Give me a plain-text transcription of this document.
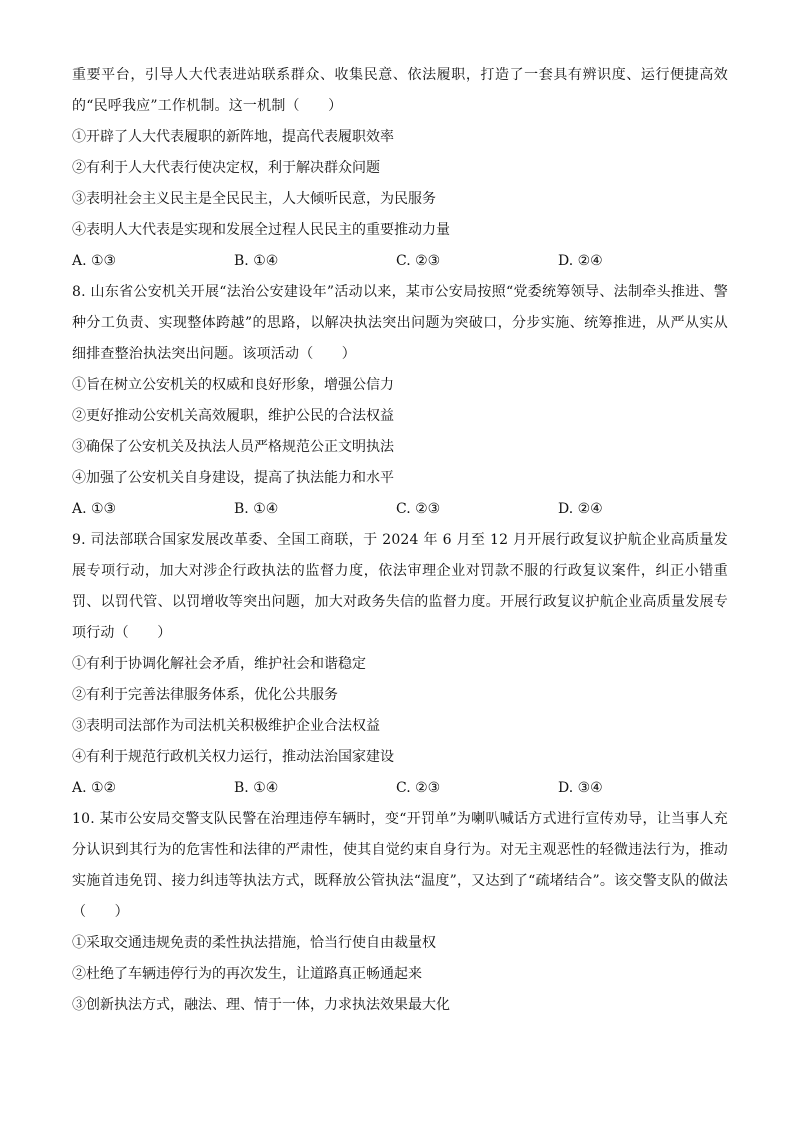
重要平台，引导人大代表进站联系群众、收集民意、依法履职，打造了一套具有辨识度、运行便捷高效的“民呼我应”工作机制。这一机制（　　）

①开辟了人大代表履职的新阵地，提高代表履职效率

②有利于人大代表行使决定权，利于解决群众问题

③表明社会主义民主是全民民主，人大倾听民意，为民服务

④表明人大代表是实现和发展全过程人民民主的重要推动力量

A. ①③	B. ①④	C. ②③	D. ②④

8. 山东省公安机关开展“法治公安建设年”活动以来，某市公安局按照“党委统筹领导、法制牵头推进、警种分工负责、实现整体跨越”的思路，以解决执法突出问题为突破口，分步实施、统筹推进，从严从实从细排查整治执法突出问题。该项活动（　　）

①旨在树立公安机关的权威和良好形象，增强公信力

②更好推动公安机关高效履职，维护公民的合法权益

③确保了公安机关及执法人员严格规范公正文明执法

④加强了公安机关自身建设，提高了执法能力和水平

A. ①③	B. ①④	C. ②③	D. ②④

9. 司法部联合国家发展改革委、全国工商联，于 2024 年 6 月至 12 月开展行政复议护航企业高质量发展专项行动，加大对涉企行政执法的监督力度，依法审理企业对罚款不服的行政复议案件，纠正小错重罚、以罚代管、以罚增收等突出问题，加大对政务失信的监督力度。开展行政复议护航企业高质量发展专项行动（　　）

①有利于协调化解社会矛盾，维护社会和谐稳定

②有利于完善法律服务体系，优化公共服务

③表明司法部作为司法机关积极维护企业合法权益

④有利于规范行政机关权力运行，推动法治国家建设

A. ①②	B. ①④	C. ②③	D. ③④

10. 某市公安局交警支队民警在治理违停车辆时，变“开罚单”为喇叭喊话方式进行宣传劝导，让当事人充分认识到其行为的危害性和法律的严肃性，使其自觉约束自身行为。对无主观恶性的轻微违法行为，推动实施首违免罚、接力纠违等执法方式，既释放公管执法“温度”，又达到了“疏堵结合”。该交警支队的做法（　　）

①采取交通违规免责的柔性执法措施，恰当行使自由裁量权

②杜绝了车辆违停行为的再次发生，让道路真正畅通起来

③创新执法方式，融法、理、情于一体，力求执法效果最大化
